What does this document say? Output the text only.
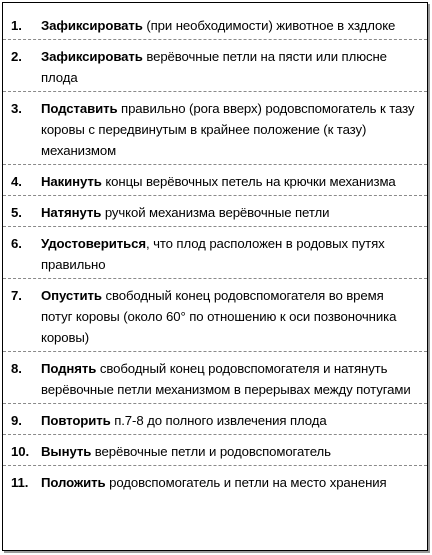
1.	Зафиксировать (при необходимости) животное в хздлоке
2.	Зафиксировать верёвочные петли на пясти или плюсне плода
3.	Подставить правильно (рога вверх) родовспомогатель к тазу коровы с передвинутым в крайнее положение (к тазу) механизмом
4.	Накинуть концы верёвочных петель на крючки механизма
5.	Натянуть ручкой механизма верёвочные петли
6.	Удостовериться, что плод расположен в родовых путях правильно
7.	Опустить свободный конец родовспомогателя во время потуг коровы (около 60° по отношению к оси позвоночника коровы)
8.	Поднять свободный конец родовспомогателя и натянуть верёвочные петли механизмом в перерывах между потугами
9.	Повторить п.7-8 до полного извлечения плода
10. Вынуть верёвочные петли и родовспомогатель
11. Положить родовспомогатель и петли на место хранения
